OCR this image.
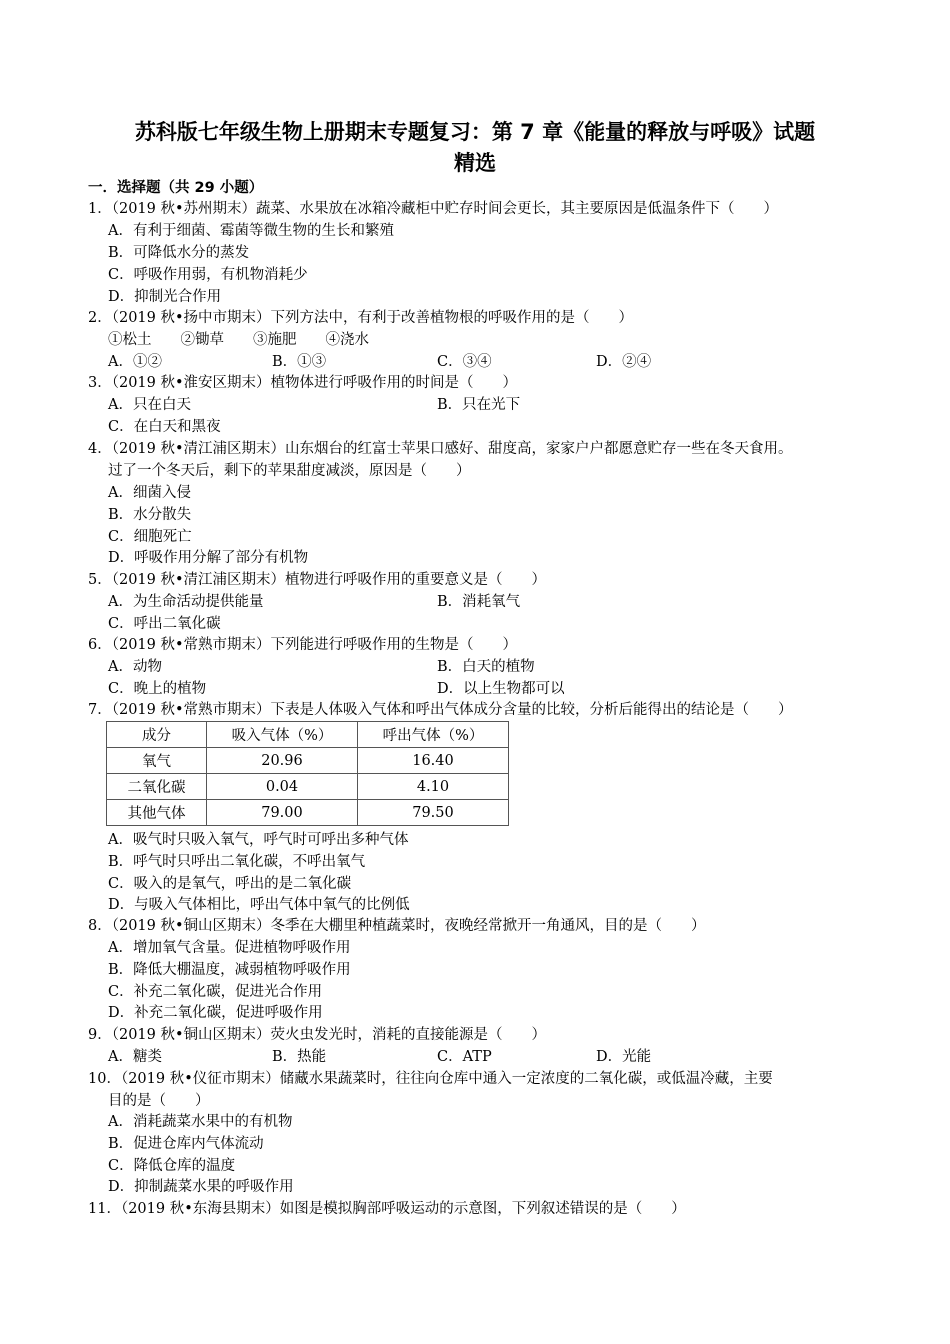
苏科版七年级生物上册期末专题复习：第 7 章《能量的释放与呼吸》试题
精选
一．选择题（共 29 小题）
1．（2019 秋•苏州期末）蔬菜、水果放在冰箱冷藏柜中贮存时间会更长，其主要原因是低温条件下（　　）
A．有利于细菌、霉菌等微生物的生长和繁殖
B．可降低水分的蒸发
C．呼吸作用弱，有机物消耗少
D．抑制光合作用
2．（2019 秋•扬中市期末）下列方法中，有利于改善植物根的呼吸作用的是（　　）
①松土　　②锄草　　③施肥　　④浇水
A．①②	B．①③	C．③④	D．②④
3．（2019 秋•淮安区期末）植物体进行呼吸作用的时间是（　　）
A．只在白天	B．只在光下
C．在白天和黑夜
4．（2019 秋•清江浦区期末）山东烟台的红富士苹果口感好、甜度高，家家户户都愿意贮存一些在冬天食用。
过了一个冬天后，剩下的苹果甜度减淡，原因是（　　）
A．细菌入侵
B．水分散失
C．细胞死亡
D．呼吸作用分解了部分有机物
5．（2019 秋•清江浦区期末）植物进行呼吸作用的重要意义是（　　）
A．为生命活动提供能量	B．消耗氧气
C．呼出二氧化碳
6．（2019 秋•常熟市期末）下列能进行呼吸作用的生物是（　　）
A．动物	B．白天的植物
C．晚上的植物	D．以上生物都可以
7．（2019 秋•常熟市期末）下表是人体吸入气体和呼出气体成分含量的比较，分析后能得出的结论是（　　）
成分	吸入气体（%）	呼出气体（%）
氧气	20.96	16.40
二氧化碳	0.04	4.10
其他气体	79.00	79.50
A．吸气时只吸入氧气，呼气时可呼出多种气体
B．呼气时只呼出二氧化碳，不呼出氧气
C．吸入的是氧气，呼出的是二氧化碳
D．与吸入气体相比，呼出气体中氧气的比例低
8．（2019 秋•铜山区期末）冬季在大棚里种植蔬菜时，夜晚经常掀开一角通风，目的是（　　）
A．增加氧气含量。促进植物呼吸作用
B．降低大棚温度，减弱植物呼吸作用
C．补充二氧化碳，促进光合作用
D．补充二氧化碳，促进呼吸作用
9．（2019 秋•铜山区期末）荧火虫发光时，消耗的直接能源是（　　）
A．糖类	B．热能	C．ATP	D．光能
10．（2019 秋•仪征市期末）储藏水果蔬菜时，往往向仓库中通入一定浓度的二氧化碳，或低温冷藏，主要
目的是（　　）
A．消耗蔬菜水果中的有机物
B．促进仓库内气体流动
C．降低仓库的温度
D．抑制蔬菜水果的呼吸作用
11．（2019 秋•东海县期末）如图是模拟胸部呼吸运动的示意图，下列叙述错误的是（　　）
